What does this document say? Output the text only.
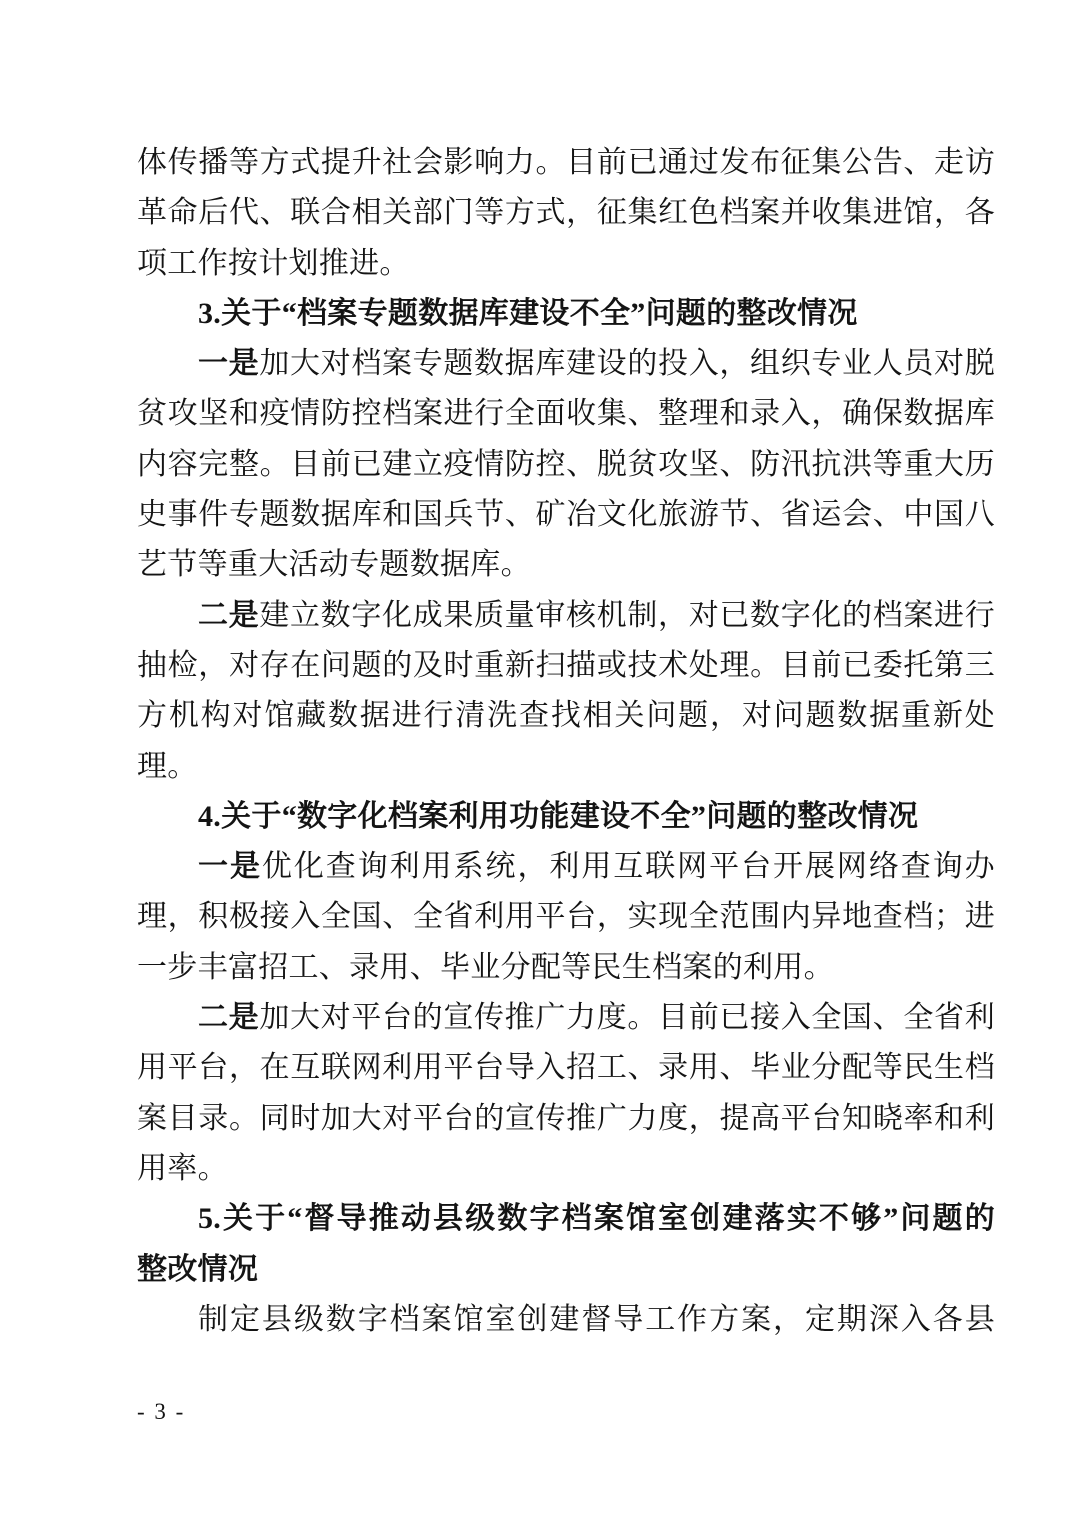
体传播等方式提升社会影响力。目前已通过发布征集公告、走访
革命后代、联合相关部门等方式，征集红色档案并收集进馆，各
项工作按计划推进。
3.关于“档案专题数据库建设不全”问题的整改情况
一是加大对档案专题数据库建设的投入，组织专业人员对脱
贫攻坚和疫情防控档案进行全面收集、整理和录入，确保数据库
内容完整。目前已建立疫情防控、脱贫攻坚、防汛抗洪等重大历
史事件专题数据库和国兵节、矿冶文化旅游节、省运会、中国八
艺节等重大活动专题数据库。
二是建立数字化成果质量审核机制，对已数字化的档案进行
抽检，对存在问题的及时重新扫描或技术处理。目前已委托第三
方机构对馆藏数据进行清洗查找相关问题，对问题数据重新处
理。
4.关于“数字化档案利用功能建设不全”问题的整改情况
一是优化查询利用系统，利用互联网平台开展网络查询办
理，积极接入全国、全省利用平台，实现全范围内异地查档；进
一步丰富招工、录用、毕业分配等民生档案的利用。
二是加大对平台的宣传推广力度。目前已接入全国、全省利
用平台，在互联网利用平台导入招工、录用、毕业分配等民生档
案目录。同时加大对平台的宣传推广力度，提高平台知晓率和利
用率。
5.关于“督导推动县级数字档案馆室创建落实不够”问题的
整改情况
制定县级数字档案馆室创建督导工作方案，定期深入各县
- 3 -
